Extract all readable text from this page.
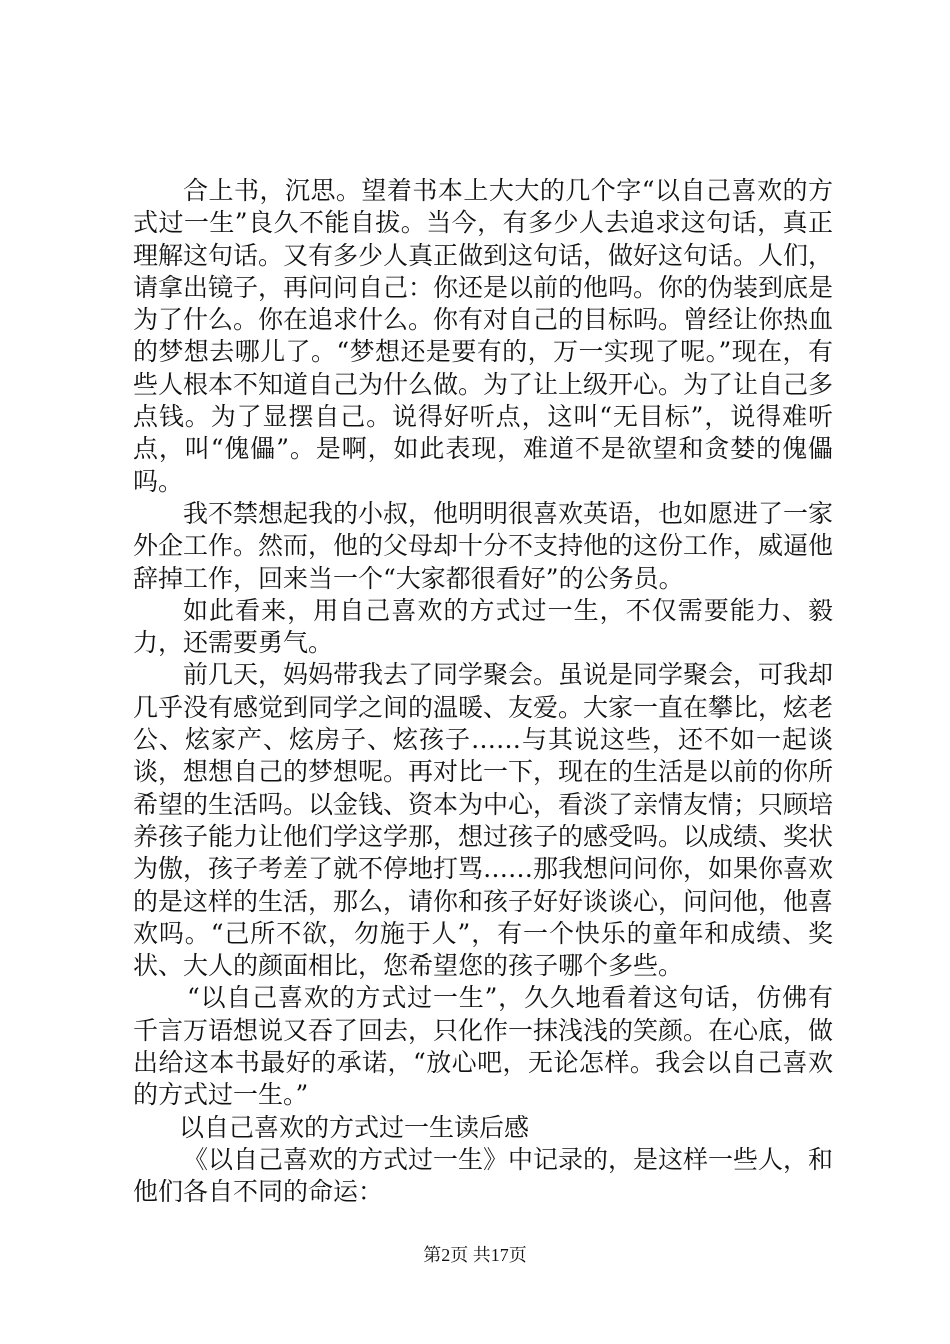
合上书，沉思。望着书本上大大的几个字“以自己喜欢的方式过一生”良久不能自拔。当今，有多少人去追求这句话，真正理解这句话。又有多少人真正做到这句话，做好这句话。人们，请拿出镜子，再问问自己：你还是以前的他吗。你的伪装到底是为了什么。你在追求什么。你有对自己的目标吗。曾经让你热血的梦想去哪儿了。“梦想还是要有的，万一实现了呢。”现在，有些人根本不知道自己为什么做。为了让上级开心。为了让自己多点钱。为了显摆自己。说得好听点，这叫“无目标”，说得难听点，叫“傀儡”。是啊，如此表现，难道不是欲望和贪婪的傀儡吗。

我不禁想起我的小叔，他明明很喜欢英语，也如愿进了一家外企工作。然而，他的父母却十分不支持他的这份工作，威逼他辞掉工作，回来当一个“大家都很看好”的公务员。

如此看来，用自己喜欢的方式过一生，不仅需要能力、毅力，还需要勇气。

前几天，妈妈带我去了同学聚会。虽说是同学聚会，可我却几乎没有感觉到同学之间的温暖、友爱。大家一直在攀比，炫老公、炫家产、炫房子、炫孩子……与其说这些，还不如一起谈谈，想想自己的梦想呢。再对比一下，现在的生活是以前的你所希望的生活吗。以金钱、资本为中心，看淡了亲情友情；只顾培养孩子能力让他们学这学那，想过孩子的感受吗。以成绩、奖状为傲，孩子考差了就不停地打骂……那我想问问你，如果你喜欢的是这样的生活，那么，请你和孩子好好谈谈心，问问他，他喜欢吗。“己所不欲，勿施于人”，有一个快乐的童年和成绩、奖状、大人的颜面相比，您希望您的孩子哪个多些。

“以自己喜欢的方式过一生”，久久地看着这句话，仿佛有千言万语想说又吞了回去，只化作一抹浅浅的笑颜。在心底，做出给这本书最好的承诺，“放心吧，无论怎样。我会以自己喜欢的方式过一生。”

以自己喜欢的方式过一生读后感

《以自己喜欢的方式过一生》中记录的，是这样一些人，和他们各自不同的命运：

第2页 共17页
